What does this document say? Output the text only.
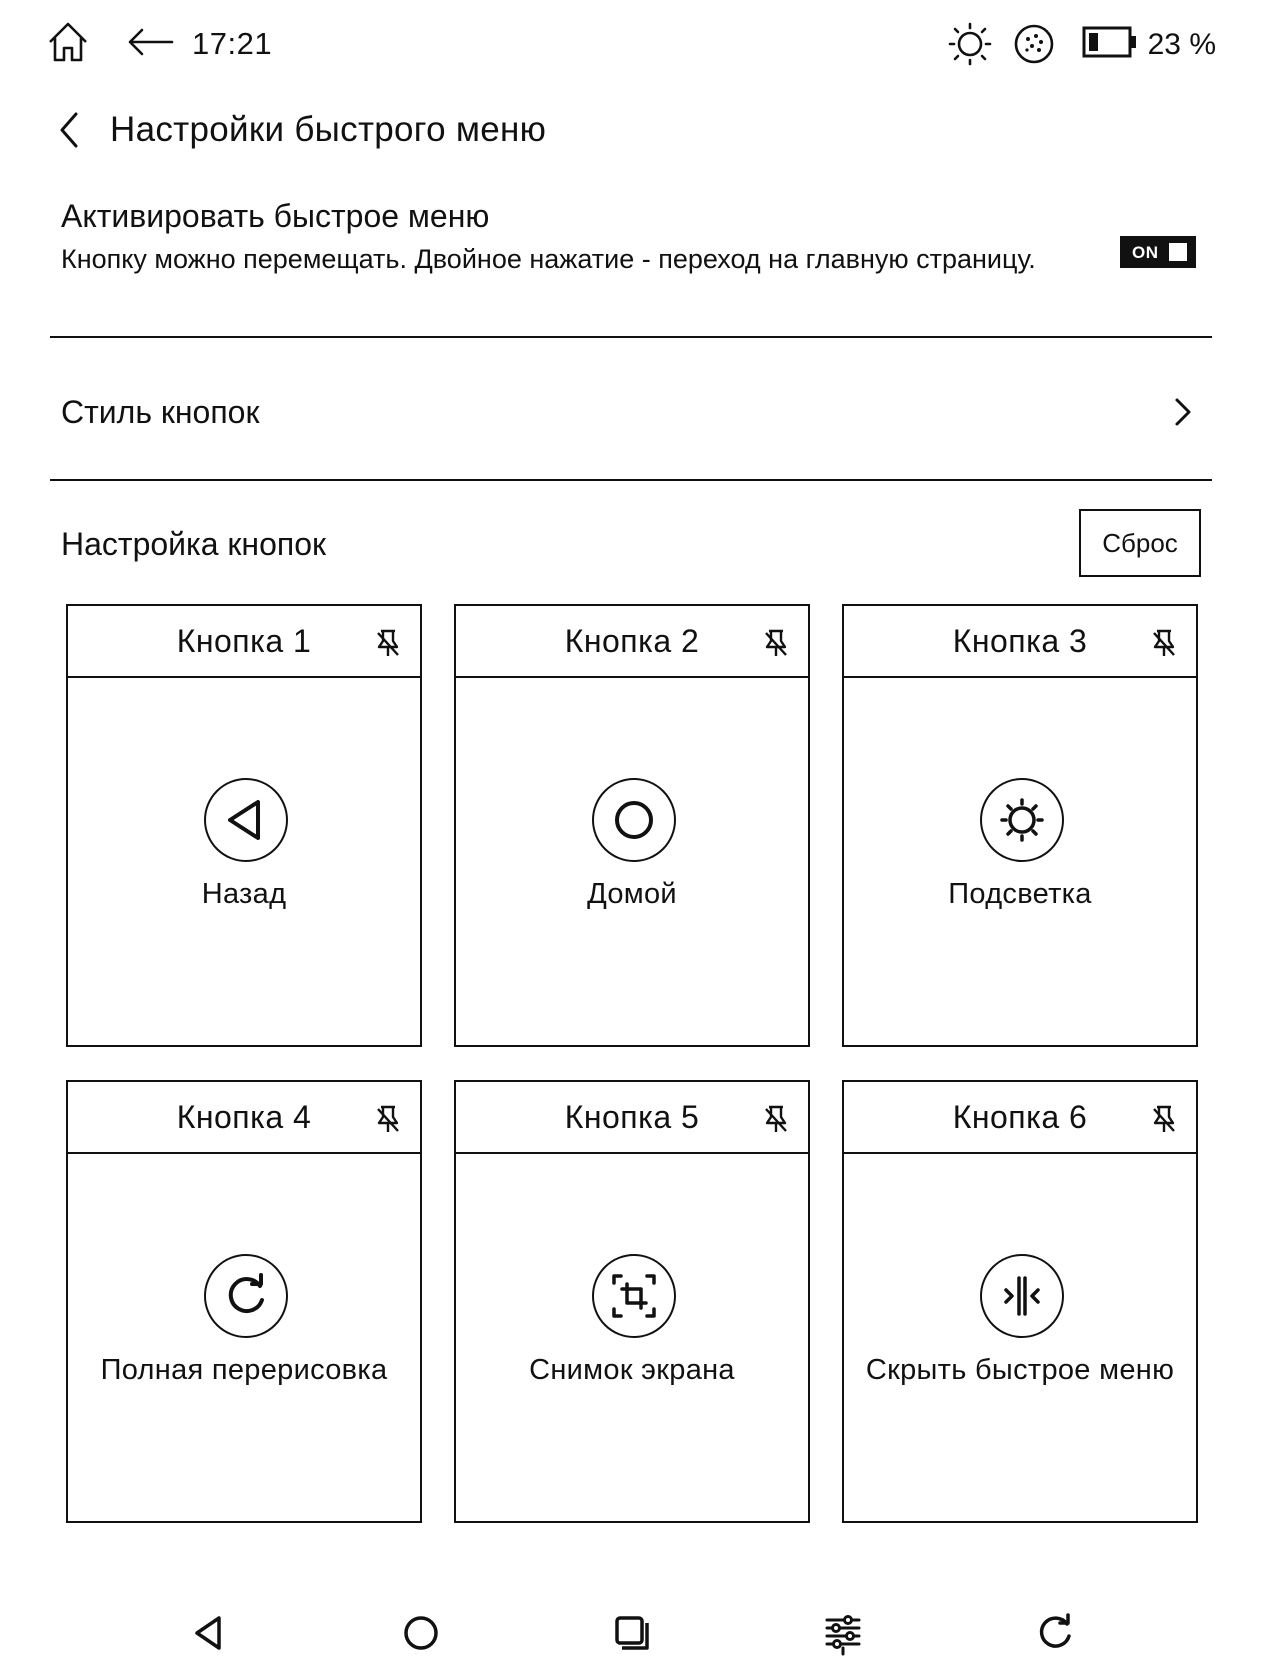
17:21	23 %
Настройки быстрого меню
Активировать быстрое меню
Кнопку можно перемещать. Двойное нажатие - переход на главную страницу.	ON
Стиль кнопок
Настройка кнопок	Сброс
Кнопка 1
Назад
Кнопка 2
Домой
Кнопка 3
Подсветка
Кнопка 4
Полная перерисовка
Кнопка 5
Снимок экрана
Кнопка 6
Скрыть быстрое меню
